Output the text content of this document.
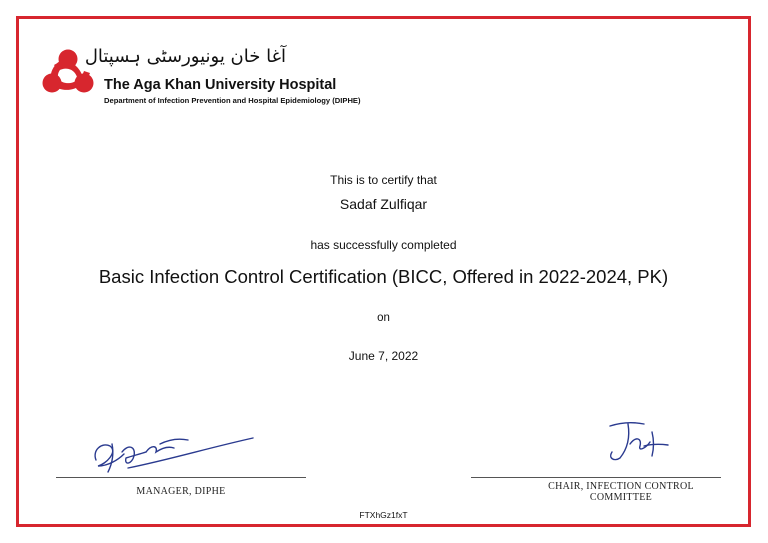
آغا خان یونیورسٹی ہسپتال
The Aga Khan University Hospital
Department of Infection Prevention and Hospital Epidemiology (DIPHE)
This is to certify that
Sadaf Zulfiqar
has successfully completed
Basic Infection Control Certification (BICC, Offered in 2022-2024, PK)
on
June 7, 2022
MANAGER, DIPHE	CHAIR, INFECTION CONTROL
COMMITTEE
FTXhGz1fxT
